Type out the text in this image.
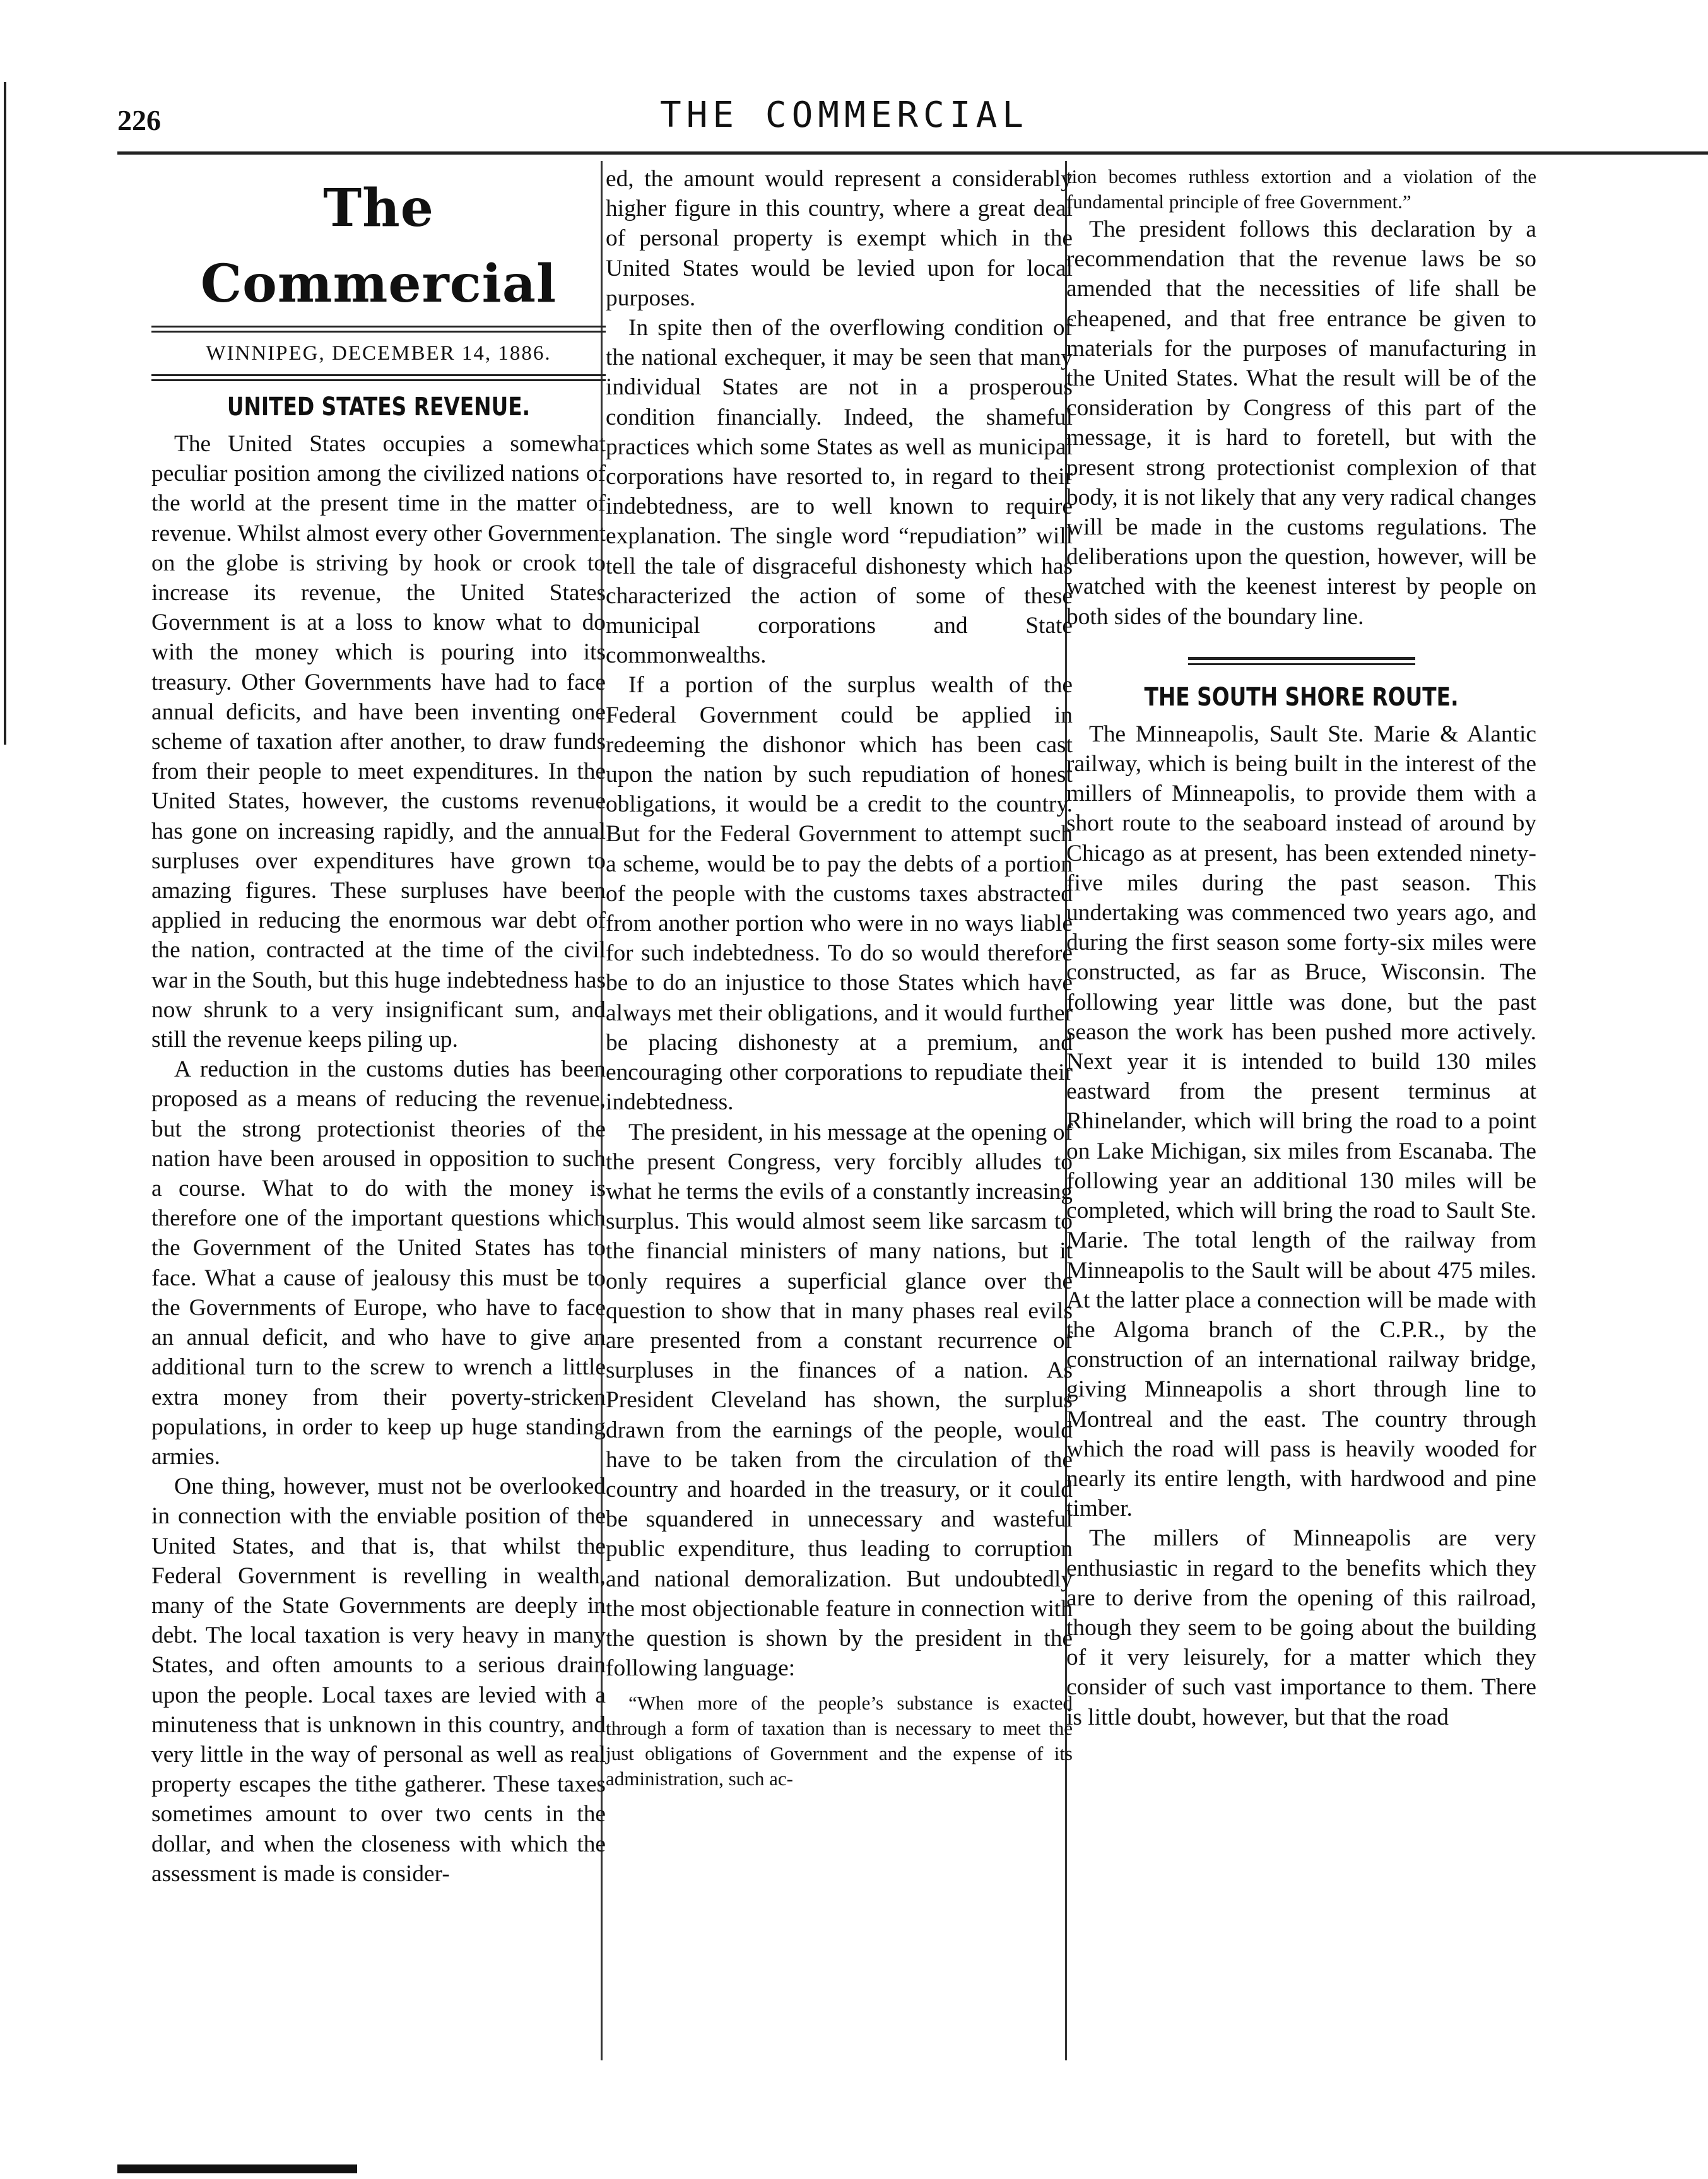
226	THE COMMERCIAL
The Commercial
WINNIPEG, DECEMBER 14, 1886.
UNITED STATES REVENUE.

The United States occupies a somewhat peculiar position among the civilized nations of the world at the present time in the matter of revenue. Whilst almost every other Government on the globe is striving by hook or crook to increase its revenue, the United States Government is at a loss to know what to do with the money which is pouring into its treasury. Other Governments have had to face annual deficits, and have been inventing one scheme of taxation after another, to draw funds from their people to meet expenditures. In the United States, however, the customs revenue has gone on increasing rapidly, and the annual surpluses over expenditures have grown to amazing figures. These surpluses have been applied in reducing the enormous war debt of the nation, contracted at the time of the civil war in the South, but this huge indebtedness has now shrunk to a very insignificant sum, and still the revenue keeps piling up.

A reduction in the customs duties has been proposed as a means of reducing the revenue, but the strong protectionist theories of the nation have been aroused in opposition to such a course. What to do with the money is therefore one of the important questions which the Government of the United States has to face. What a cause of jealousy this must be to the Governments of Europe, who have to face an annual deficit, and who have to give an additional turn to the screw to wrench a little extra money from their poverty-stricken populations, in order to keep up huge standing armies.

One thing, however, must not be overlooked in connection with the enviable position of the United States, and that is, that whilst the Federal Government is revelling in wealth, many of the State Governments are deeply in debt. The local taxation is very heavy in many States, and often amounts to a serious drain upon the people. Local taxes are levied with a minuteness that is unknown in this country, and very little in the way of personal as well as real property escapes the tithe gatherer. These taxes sometimes amount to over two cents in the dollar, and when the closeness with which the assessment is made is consider-

ed, the amount would represent a considerably higher figure in this country, where a great deal of personal property is exempt which in the United States would be levied upon for local purposes.

In spite then of the overflowing condition of the national exchequer, it may be seen that many individual States are not in a prosperous condition financially. Indeed, the shameful practices which some States as well as municipal corporations have resorted to, in regard to their indebtedness, are to well known to require explanation. The single word “repudiation” will tell the tale of disgraceful dishonesty which has characterized the action of some of these municipal corporations and State commonwealths.

If a portion of the surplus wealth of the Federal Government could be applied in redeeming the dishonor which has been cast upon the nation by such repudiation of honest obligations, it would be a credit to the country. But for the Federal Government to attempt such a scheme, would be to pay the debts of a portion of the people with the customs taxes abstracted from another portion who were in no ways liable for such indebtedness. To do so would therefore be to do an injustice to those States which have always met their obligations, and it would further be placing dishonesty at a premium, and encouraging other corporations to repudiate their indebtedness.

The president, in his message at the opening of the present Congress, very forcibly alludes to what he terms the evils of a constantly increasing surplus. This would almost seem like sarcasm to the financial ministers of many nations, but it only requires a superficial glance over the question to show that in many phases real evils are presented from a constant recurrence of surpluses in the finances of a nation. As President Cleveland has shown, the surplus drawn from the earnings of the people, would have to be taken from the circulation of the country and hoarded in the treasury, or it could be squandered in unnecessary and wasteful public expenditure, thus leading to corruption and national demoralization. But undoubtedly the most objectionable feature in connection with the question is shown by the president in the following language:

“When more of the people’s substance is exacted through a form of taxation than is necessary to meet the just obligations of Government and the expense of its administration, such ac-

tion becomes ruthless extortion and a violation of the fundamental principle of free Government.”

The president follows this declaration by a recommendation that the revenue laws be so amended that the necessities of life shall be cheapened, and that free entrance be given to materials for the purposes of manufacturing in the United States. What the result will be of the consideration by Congress of this part of the message, it is hard to foretell, but with the present strong protectionist complexion of that body, it is not likely that any very radical changes will be made in the customs regulations. The deliberations upon the question, however, will be watched with the keenest interest by people on both sides of the boundary line.

THE SOUTH SHORE ROUTE.

The Minneapolis, Sault Ste. Marie & Alantic railway, which is being built in the interest of the millers of Minneapolis, to provide them with a short route to the seaboard instead of around by Chicago as at present, has been extended ninety-five miles during the past season. This undertaking was commenced two years ago, and during the first season some forty-six miles were constructed, as far as Bruce, Wisconsin. The following year little was done, but the past season the work has been pushed more actively. Next year it is intended to build 130 miles eastward from the present terminus at Rhinelander, which will bring the road to a point on Lake Michigan, six miles from Escanaba. The following year an additional 130 miles will be completed, which will bring the road to Sault Ste. Marie. The total length of the railway from Minneapolis to the Sault will be about 475 miles. At the latter place a connection will be made with the Algoma branch of the C.P.R., by the construction of an international railway bridge, giving Minneapolis a short through line to Montreal and the east. The country through which the road will pass is heavily wooded for nearly its entire length, with hardwood and pine timber.

The millers of Minneapolis are very enthusiastic in regard to the benefits which they are to derive from the opening of this railroad, though they seem to be going about the building of it very leisurely, for a matter which they consider of such vast importance to them. There is little doubt, however, but that the road
